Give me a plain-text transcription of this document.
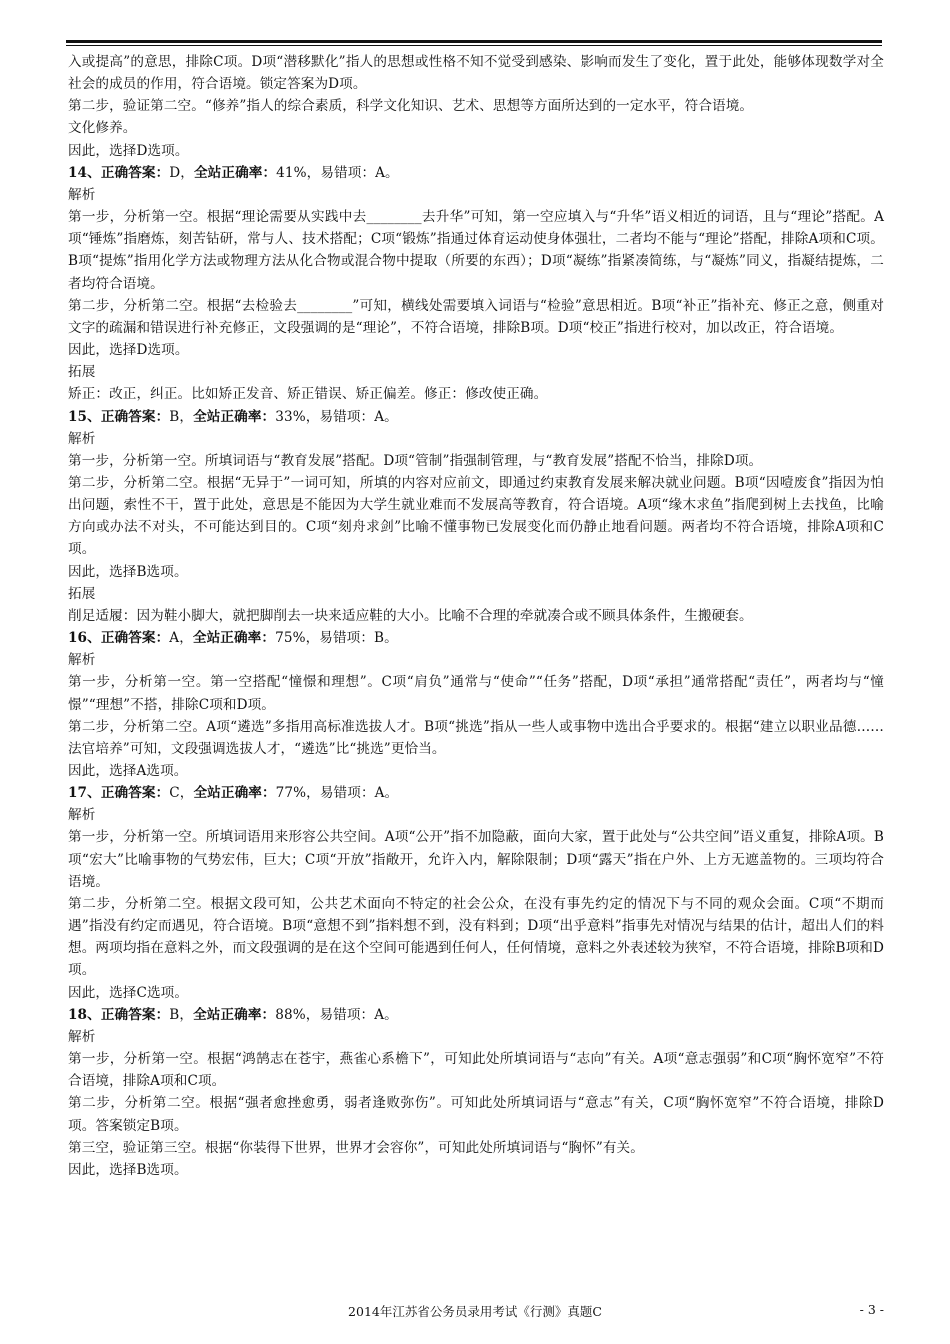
入或提高”的意思，排除C项。D项“潜移默化”指人的思想或性格不知不觉受到感染、影响而发生了变化，置于此处，能够体现数学对全社会的成员的作用，符合语境。锁定答案为D项。

第二步，验证第二空。“修养”指人的综合素质，科学文化知识、艺术、思想等方面所达到的一定水平，符合语境。

文化修养。

因此，选择D选项。

14、正确答案：D，全站正确率：41%，易错项：A。

解析

第一步，分析第一空。根据“理论需要从实践中去________去升华”可知，第一空应填入与“升华”语义相近的词语，且与“理论”搭配。A项“锤炼”指磨炼，刻苦钻研，常与人、技术搭配；C项“锻炼”指通过体育运动使身体强壮，二者均不能与“理论”搭配，排除A项和C项。B项“提炼”指用化学方法或物理方法从化合物或混合物中提取（所要的东西）；D项“凝练”指紧凑简练，与“凝炼”同义，指凝结提炼，二者均符合语境。

第二步，分析第二空。根据“去检验去________”可知，横线处需要填入词语与“检验”意思相近。B项“补正”指补充、修正之意，侧重对文字的疏漏和错误进行补充修正，文段强调的是“理论”，不符合语境，排除B项。D项“校正”指进行校对，加以改正，符合语境。

因此，选择D选项。

拓展

矫正：改正，纠正。比如矫正发音、矫正错误、矫正偏差。修正：修改使正确。

15、正确答案：B，全站正确率：33%，易错项：A。

解析

第一步，分析第一空。所填词语与“教育发展”搭配。D项“管制”指强制管理，与“教育发展”搭配不恰当，排除D项。

第二步，分析第二空。根据“无异于”一词可知，所填的内容对应前文，即通过约束教育发展来解决就业问题。B项“因噎废食”指因为怕出问题，索性不干，置于此处，意思是不能因为大学生就业难而不发展高等教育，符合语境。A项“缘木求鱼”指爬到树上去找鱼，比喻方向或办法不对头，不可能达到目的。C项“刻舟求剑”比喻不懂事物已发展变化而仍静止地看问题。两者均不符合语境，排除A项和C项。

因此，选择B选项。

拓展

削足适履：因为鞋小脚大，就把脚削去一块来适应鞋的大小。比喻不合理的牵就凑合或不顾具体条件，生搬硬套。

16、正确答案：A，全站正确率：75%，易错项：B。

解析

第一步，分析第一空。第一空搭配“憧憬和理想”。C项“肩负”通常与“使命”“任务”搭配，D项“承担”通常搭配“责任”，两者均与“憧憬”“理想”不搭，排除C项和D项。

第二步，分析第二空。A项“遴选”多指用高标准选拔人才。B项“挑选”指从一些人或事物中选出合乎要求的。根据“建立以职业品德……法官培养”可知，文段强调选拔人才，“遴选”比“挑选”更恰当。

因此，选择A选项。

17、正确答案：C，全站正确率：77%，易错项：A。

解析

第一步，分析第一空。所填词语用来形容公共空间。A项“公开”指不加隐蔽，面向大家，置于此处与“公共空间”语义重复，排除A项。B项“宏大”比喻事物的气势宏伟，巨大；C项“开放”指敞开，允许入内，解除限制；D项“露天”指在户外、上方无遮盖物的。三项均符合语境。

第二步，分析第二空。根据文段可知，公共艺术面向不特定的社会公众，在没有事先约定的情况下与不同的观众会面。C项“不期而遇”指没有约定而遇见，符合语境。B项“意想不到”指料想不到，没有料到；D项“出乎意料”指事先对情况与结果的估计，超出人们的料想。两项均指在意料之外，而文段强调的是在这个空间可能遇到任何人，任何情境，意料之外表述较为狭窄，不符合语境，排除B项和D项。

因此，选择C选项。

18、正确答案：B，全站正确率：88%，易错项：A。

解析

第一步，分析第一空。根据“鸿鹄志在苍宇，燕雀心系檐下”，可知此处所填词语与“志向”有关。A项“意志强弱”和C项“胸怀宽窄”不符合语境，排除A项和C项。

第二步，分析第二空。根据“强者愈挫愈勇，弱者逢败弥伤”。可知此处所填词语与“意志”有关，C项“胸怀宽窄”不符合语境，排除D项。答案锁定B项。

第三空，验证第三空。根据“你装得下世界，世界才会容你”，可知此处所填词语与“胸怀”有关。

因此，选择B选项。

2014年江苏省公务员录用考试《行测》真题C	- 3 -
